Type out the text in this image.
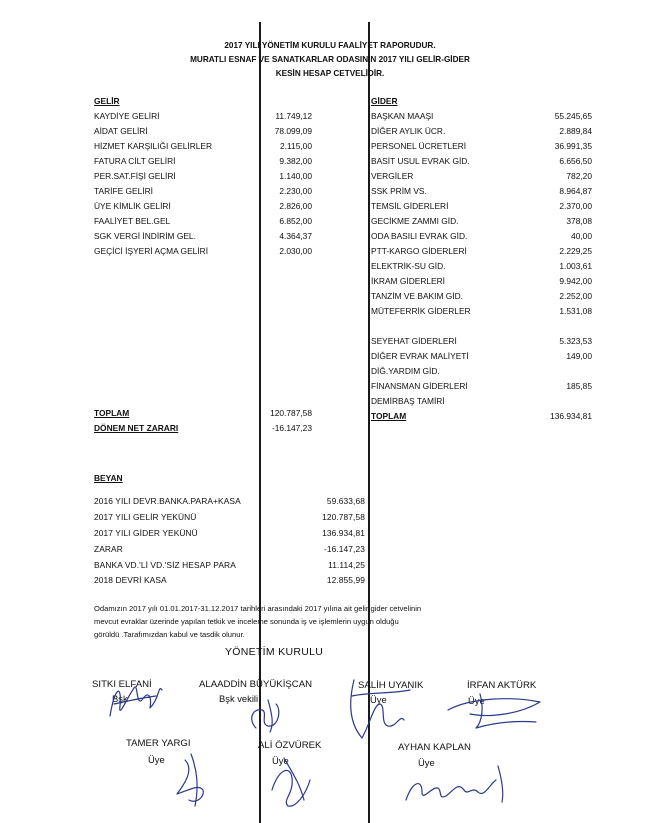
2017 YILI YÖNETİM KURULU FAALİYET RAPORUDUR.
MURATLI ESNAF VE SANATKARLAR ODASININ 2017 YILI GELİR-GİDER
KESİN HESAP CETVELİDİR.
GELİR
KAYDİYE GELİRİ	11.749,12
AİDAT GELİRİ	78.099,09
HİZMET KARŞILIĞI GELİRLER	2.115,00
FATURA CİLT GELİRİ	9.382,00
PER.SAT.FİŞİ GELİRİ	1.140,00
TARİFE GELİRİ	2.230,00
ÜYE KİMLİK GELİRİ	2.826,00
FAALİYET BEL.GEL	6.852,00
SGK VERGİ İNDİRİM GEL.	4.364,37
GEÇİCİ İŞYERİ AÇMA GELİRİ	2.030,00
TOPLAM	120.787,58
DÖNEM NET ZARARI	-16.147,23
GİDER
BAŞKAN MAAŞI	55.245,65
DİĞER AYLIK ÜCR.	2.889,84
PERSONEL ÜCRETLERİ	36.991,35
BASİT USUL EVRAK GİD.	6.656,50
VERGİLER	782,20
SSK PRİM VS.	8.964,87
TEMSİL GİDERLERİ	2.370,00
GECİKME ZAMMI GİD.	378,08
ODA BASILI EVRAK GİD.	40,00
PTT-KARGO GİDERLERİ	2.229,25
ELEKTRİK-SU GİD.	1.003,61
İKRAM GİDERLERİ	9.942,00
TANZİM VE BAKIM GİD.	2.252,00
MÜTEFERRİK GİDERLER	1.531,08
SEYEHAT GİDERLERİ	5.323,53
DİĞER EVRAK MALİYETİ	149,00
DİĞ.YARDIM GİD.
FİNANSMAN GİDERLERİ	185,85
DEMİRBAŞ TAMİRİ
TOPLAM	136.934,81
BEYAN
2016 YILI DEVR.BANKA.PARA+KASA	59.633,68
2017 YILI GELİR YEKÜNÜ	120.787,58
2017 YILI GİDER YEKÜNÜ	136.934,81
ZARAR	-16.147,23
BANKA VD.'Lİ VD.'SİZ HESAP PARA	11.114,25
2018 DEVRİ KASA	12.855,99
Odamızın 2017 yılı 01.01.2017-31.12.2017 tarihleri arasındaki 2017 yılına ait gelir gider cetvelinin
mevcut evraklar üzerinde yapılan tetkik ve inceleme sonunda iş ve işlemlerin uygun olduğu
görüldü .Tarafımızdan kabul ve tasdik olunur.
YÖNETİM KURULU
SITKI ELFANİ
Bşk
ALAADDİN BÜYÜKİŞCAN
Bşk vekili
SALİH UYANIK
Üye
İRFAN AKTÜRK
Üye
TAMER YARGI
Üye
ALİ ÖZVÜREK
Üye
AYHAN KAPLAN
Üye
